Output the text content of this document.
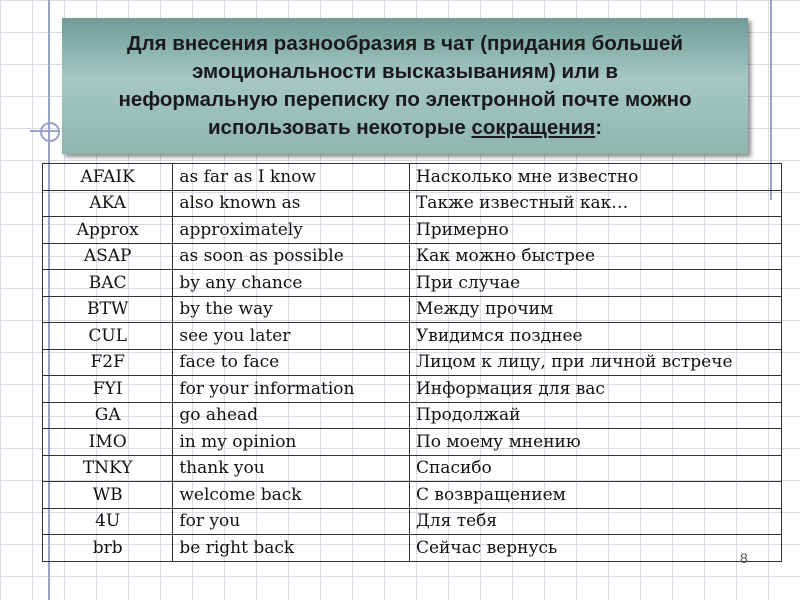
Для внесения разнообразия в чат (придания большей
эмоциональности высказываниям) или в
неформальную переписку по электронной почте можно
использовать некоторые сокращения:
AFAIK	as far as I know	Насколько мне известно
AKA	also known as	Также известный как…
Approx	approximately	Примерно
ASAP	as soon as possible	Как можно быстрее
BAC	by any chance	При случае
BTW	by the way	Между прочим
CUL	see you later	Увидимся позднее
F2F	face to face	Лицом к лицу, при личной встрече
FYI	for your information	Информация для вас
GA	go ahead	Продолжай
IMO	in my opinion	По моему мнению
TNKY	thank you	Спасибо
WB	welcome back	С возвращением
4U	for you	Для тебя
brb	be right back	Сейчас вернусь
8
